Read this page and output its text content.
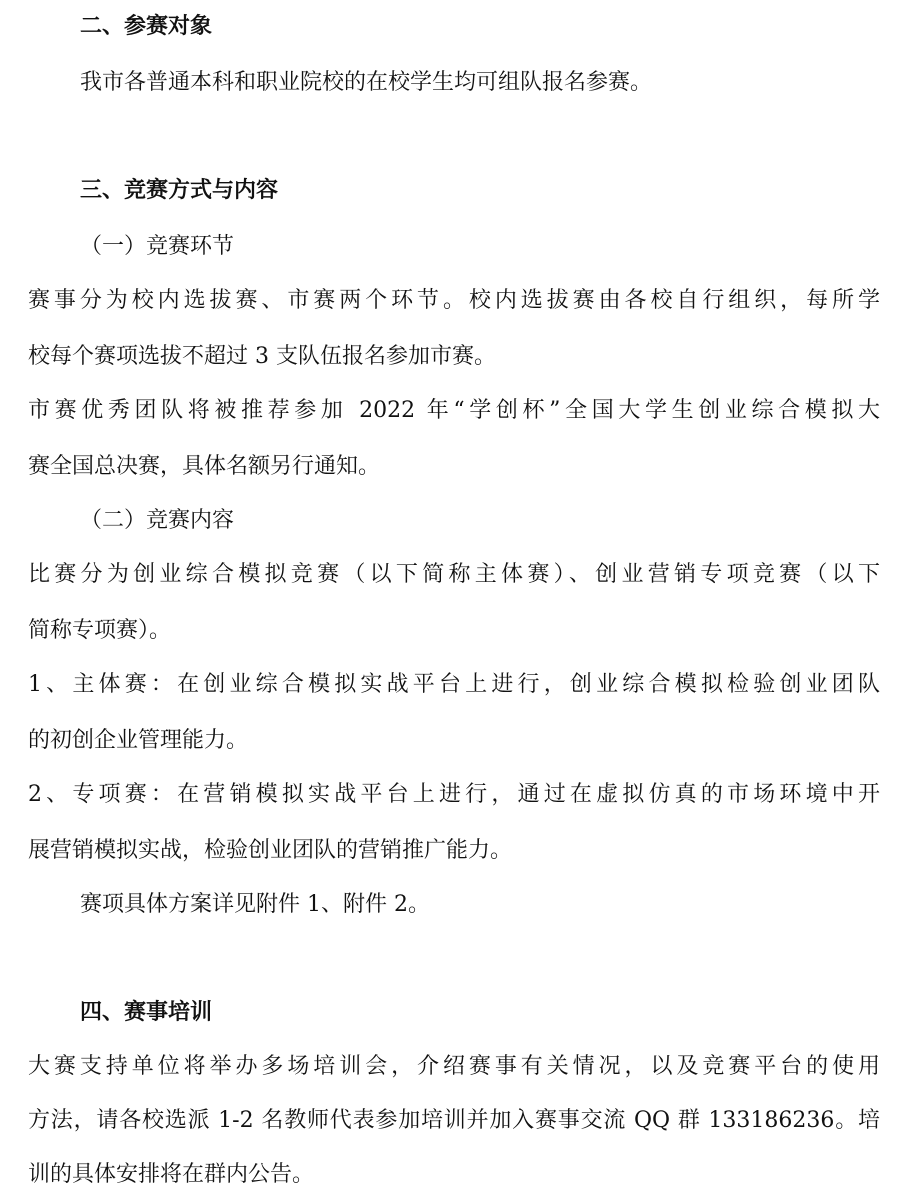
二、参赛对象
我市各普通本科和职业院校的在校学生均可组队报名参赛。
三、竞赛方式与内容
（一）竞赛环节
赛事分为校内选拔赛、市赛两个环节。校内选拔赛由各校自行组织，每所学
校每个赛项选拔不超过 3 支队伍报名参加市赛。
市赛优秀团队将被推荐参加 2022 年“学创杯”全国大学生创业综合模拟大
赛全国总决赛，具体名额另行通知。
（二）竞赛内容
比赛分为创业综合模拟竞赛（以下简称主体赛）、创业营销专项竞赛（以下
简称专项赛）。
1、主体赛：在创业综合模拟实战平台上进行，创业综合模拟检验创业团队
的初创企业管理能力。
2、专项赛：在营销模拟实战平台上进行，通过在虚拟仿真的市场环境中开
展营销模拟实战，检验创业团队的营销推广能力。
赛项具体方案详见附件 1、附件 2。
四、赛事培训
大赛支持单位将举办多场培训会，介绍赛事有关情况，以及竞赛平台的使用
方法，请各校选派 1-2 名教师代表参加培训并加入赛事交流 QQ 群 133186236。培
训的具体安排将在群内公告。
